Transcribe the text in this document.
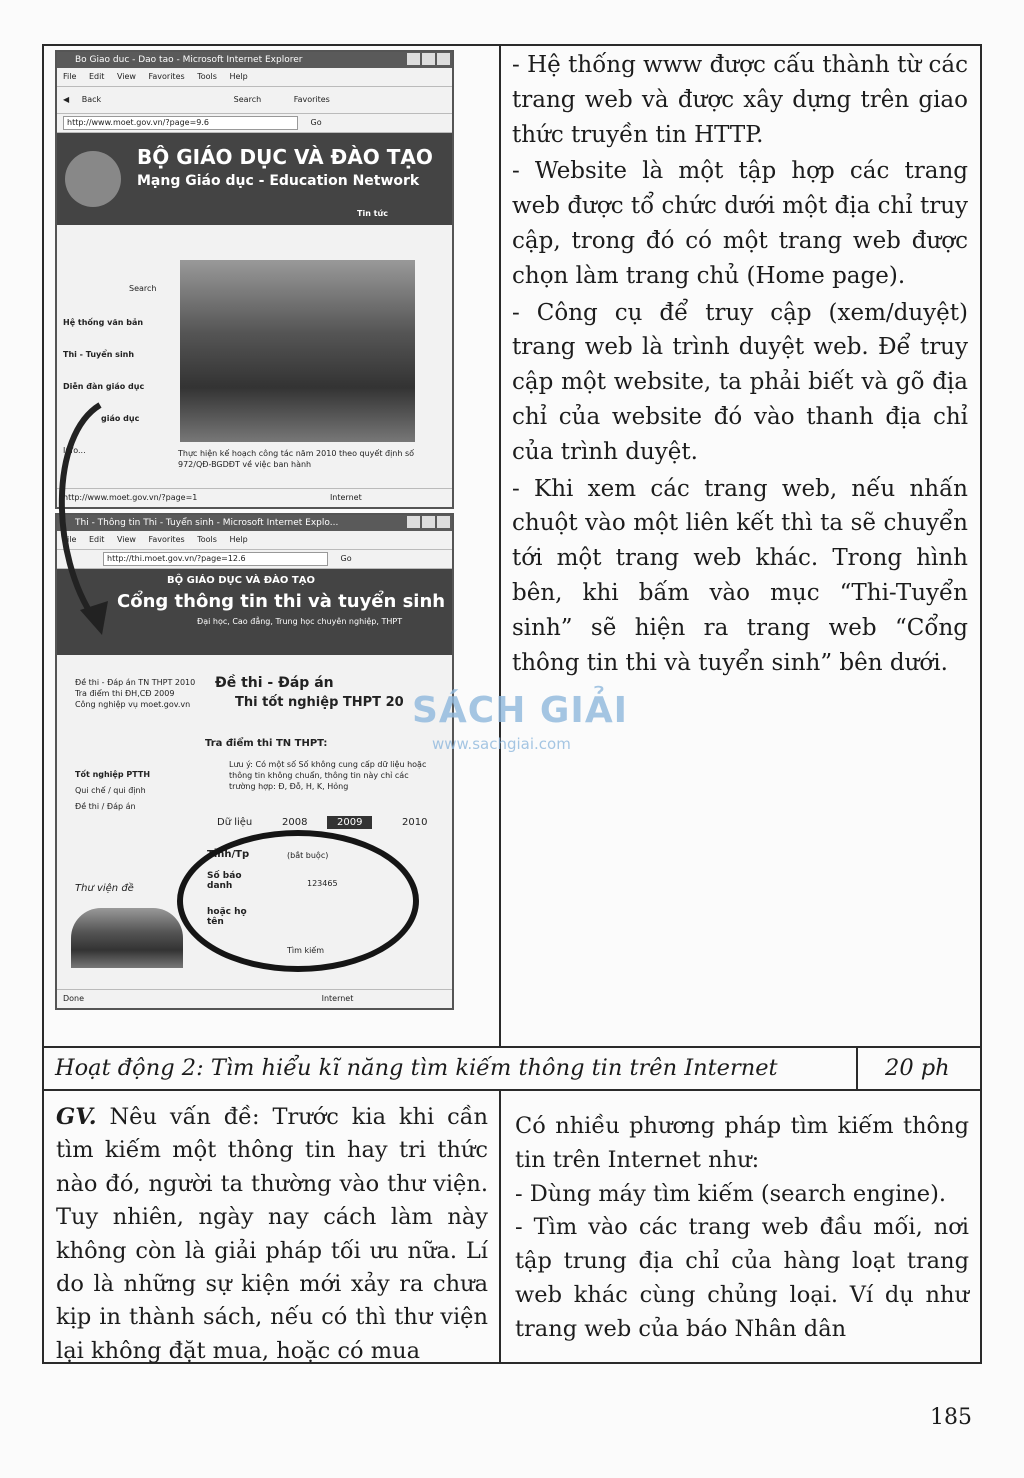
Bo Giao duc - Dao tao - Microsoft Internet Explorer
File Edit View Favorites Tools Help
◀ Back	Search	Favorites
http://www.moet.gov.vn/?page=9.6	Go
BỘ GIÁO DỤC VÀ ĐÀO TẠO
Mạng Giáo dục - Education Network
Tin tức
Search
Hệ thống văn bản
Thi - Tuyển sinh
Diễn đàn giáo dục
giáo dục
Info...	Thực hiện kế hoạch công tác năm 2010 theo quyết định số 972/QĐ-BGDĐT về việc ban hành
http://www.moet.gov.vn/?page=1	Internet
Thi - Thông tin Thi - Tuyển sinh - Microsoft Internet Explo...
File Edit View Favorites Tools Help
http://thi.moet.gov.vn/?page=12.6	Go
BỘ GIÁO DỤC VÀ ĐÀO TẠO
Cổng thông tin thi và tuyển sinh
Đại học, Cao đẳng, Trung học chuyên nghiệp, THPT
Đề thi - Đáp án TN THPT 2010
Tra điểm thi ĐH,CĐ 2009
Công nghiệp vụ moet.gov.vn
Đề thi - Đáp án
Thi tốt nghiệp THPT 20
Tra điểm thi TN THPT:
Lưu ý: Có một số Số không cung cấp dữ liệu hoặc thông tin không chuẩn, thông tin này chỉ các trường hợp: Đ, Đỗ, H, K, Hỏng
Tốt nghiệp PTTH
Qui chế / qui định
Đề thi / Đáp án
Dữ liệu	2008	2009	2010
Tỉnh/Tp	(bắt buộc)
Số báo danh	123465
hoặc họ tên
Tìm kiếm
Thư viện đề
Done	Internet

- Hệ thống www được cấu thành từ các trang web và được xây dựng trên giao thức truyền tin HTTP.

- Website là một tập hợp các trang web được tổ chức dưới một địa chỉ truy cập, trong đó có một trang web được chọn làm trang chủ (Home page).

- Công cụ để truy cập (xem/duyệt) trang web là trình duyệt web. Để truy cập một website, ta phải biết và gõ địa chỉ của website đó vào thanh địa chỉ của trình duyệt.

- Khi xem các trang web, nếu nhấn chuột vào một liên kết thì ta sẽ chuyển tới một trang web khác. Trong hình bên, khi bấm vào mục “Thi-Tuyển sinh” sẽ hiện ra trang web “Cổng thông tin thi và tuyển sinh” bên dưới.

SÁCH GIẢI
www.sachgiai.com
Hoạt động 2: Tìm hiểu kĩ năng tìm kiếm thông tin trên Internet	20 ph
GV. Nêu vấn đề: Trước kia khi cần tìm kiếm một thông tin hay tri thức nào đó, người ta thường vào thư viện. Tuy nhiên, ngày nay cách làm này không còn là giải pháp tối ưu nữa. Lí do là những sự kiện mới xảy ra chưa kịp in thành sách, nếu có thì thư viện lại không đặt mua, hoặc có mua

Có nhiều phương pháp tìm kiếm thông tin trên Internet như:

- Dùng máy tìm kiếm (search engine).

- Tìm vào các trang web đầu mối, nơi tập trung địa chỉ của hàng loạt trang web khác cùng chủng loại. Ví dụ như trang web của báo Nhân dân

185
